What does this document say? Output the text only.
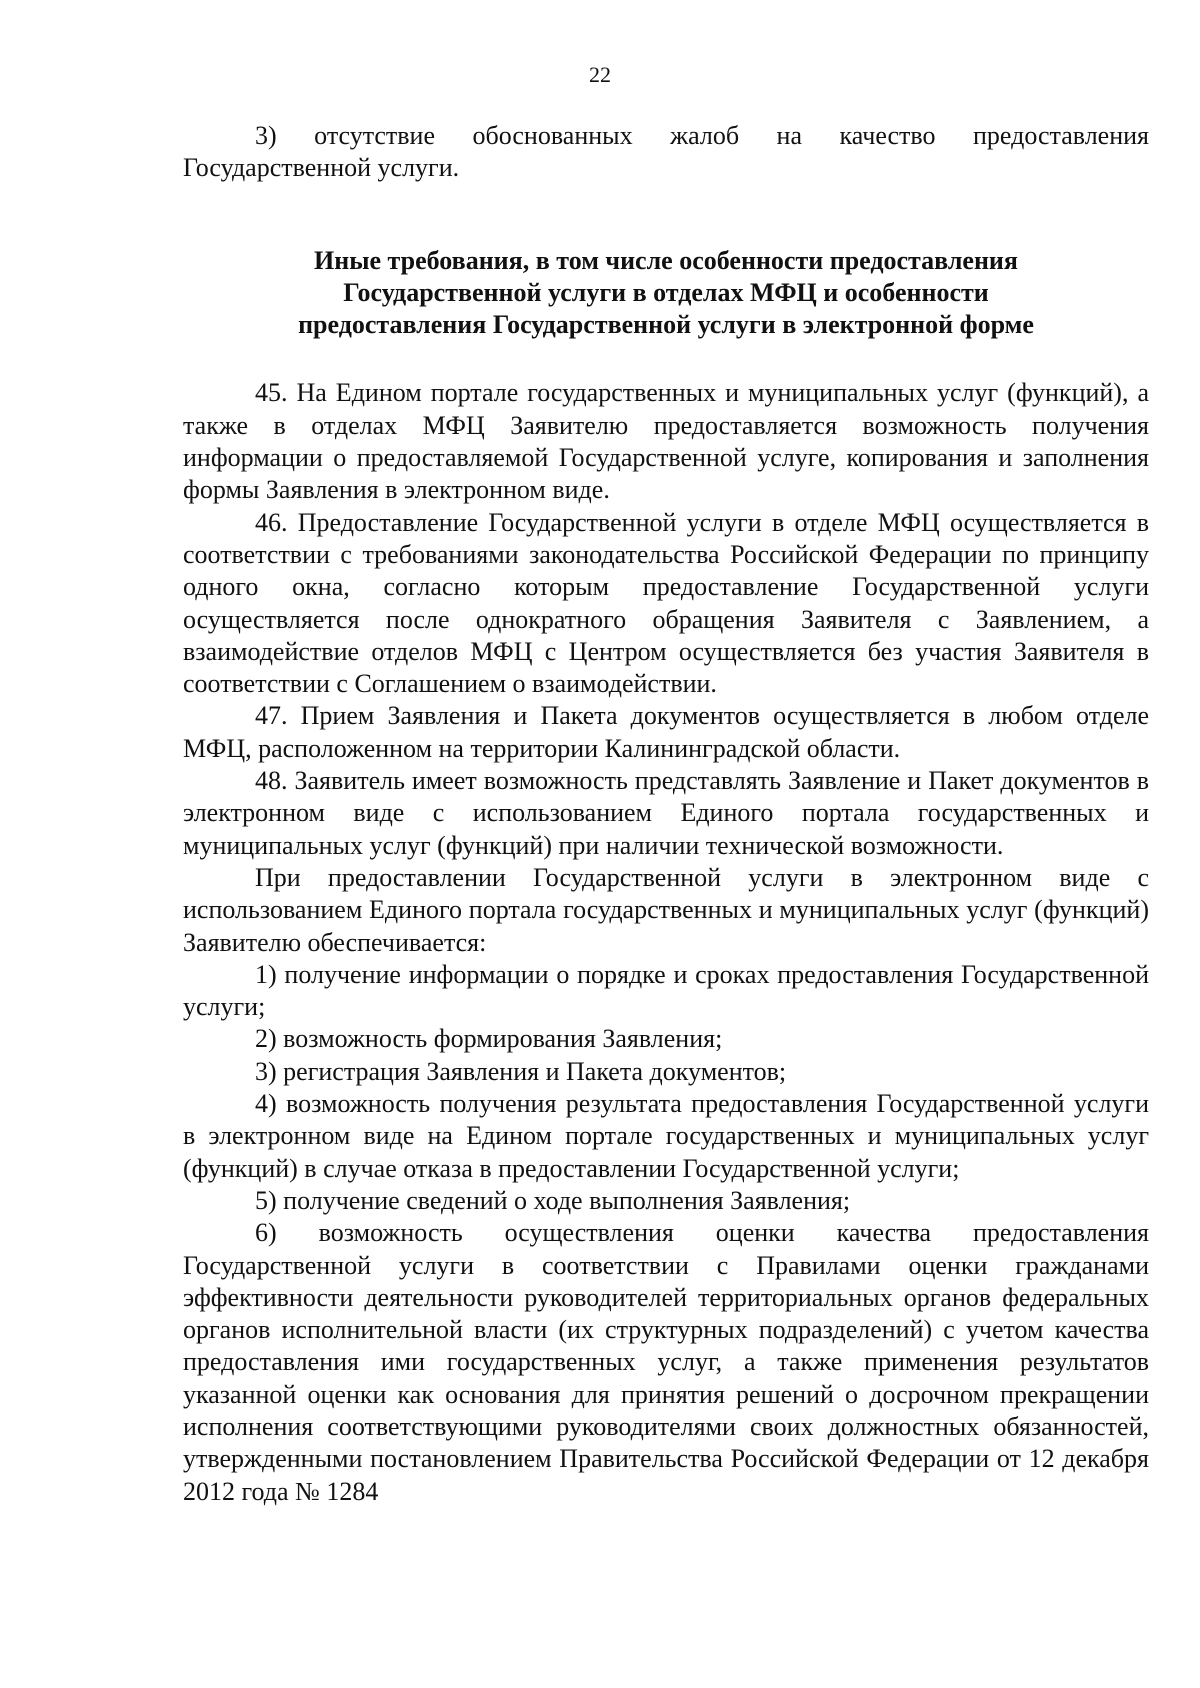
22

3) отсутствие обоснованных жалоб на качество предоставления Государственной услуги.

Иные требования, в том числе особенности предоставления
Государственной услуги в отделах МФЦ и особенности
предоставления Государственной услуги в электронной форме

45. На Едином портале государственных и муниципальных услуг (функций), а также в отделах МФЦ Заявителю предоставляется возможность получения информации о предоставляемой Государственной услуге, копирования и заполнения формы Заявления в электронном виде.

46. Предоставление Государственной услуги в отделе МФЦ осуществляется в соответствии с требованиями законодательства Российской Федерации по принципу одного окна, согласно которым предоставление Государственной услуги осуществляется после однократного обращения Заявителя с Заявлением, а взаимодействие отделов МФЦ с Центром осуществляется без участия Заявителя в соответствии с Соглашением о взаимодействии.

47. Прием Заявления и Пакета документов осуществляется в любом отделе МФЦ, расположенном на территории Калининградской области.

48. Заявитель имеет возможность представлять Заявление и Пакет документов в электронном виде с использованием Единого портала государственных и муниципальных услуг (функций) при наличии технической возможности.

При предоставлении Государственной услуги в электронном виде с использованием Единого портала государственных и муниципальных услуг (функций) Заявителю обеспечивается:

1) получение информации о порядке и сроках предоставления Государственной услуги;

2) возможность формирования Заявления;

3) регистрация Заявления и Пакета документов;

4) возможность получения результата предоставления Государственной услуги в электронном виде на Едином портале государственных и муниципальных услуг (функций) в случае отказа в предоставлении Государственной услуги;

5) получение сведений о ходе выполнения Заявления;

6) возможность осуществления оценки качества предоставления Государственной услуги в соответствии с Правилами оценки гражданами эффективности деятельности руководителей территориальных органов федеральных органов исполнительной власти (их структурных подразделений) с учетом качества предоставления ими государственных услуг, а также применения результатов указанной оценки как основания для принятия решений о досрочном прекращении исполнения соответствующими руководителями своих должностных обязанностей, утвержденными постановлением Правительства Российской Федерации от 12 декабря 2012 года № 1284
